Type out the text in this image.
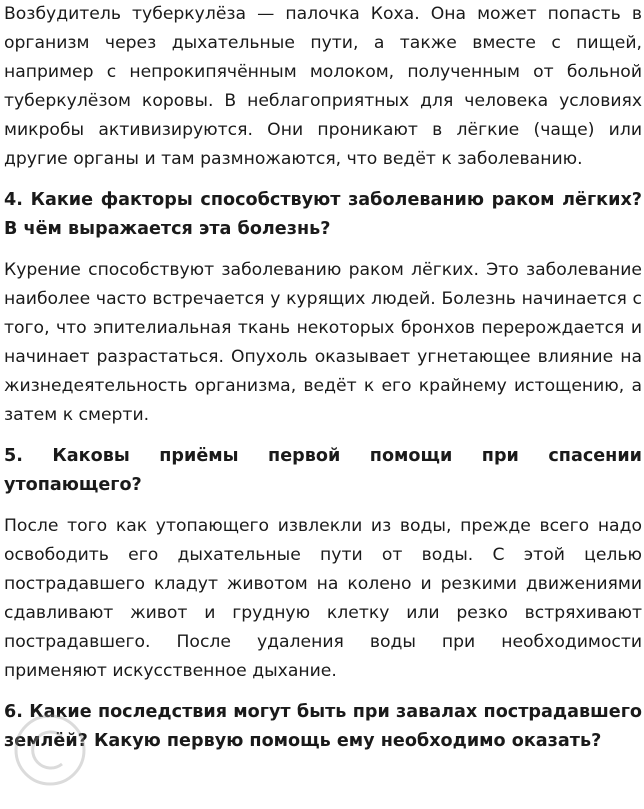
Возбудитель туберкулёза — палочка Коха. Она может попасть в организм через дыхательные пути, а также вместе с пищей, например с непрокипячённым молоком, полученным от больной туберкулёзом коровы. В неблагоприятных для человека условиях микробы активизируются. Они проникают в лёгкие (чаще) или другие органы и там размножаются, что ведёт к заболеванию.

4. Какие факторы способствуют заболеванию раком лёгких? В чём выражается эта болезнь?

Курение способствуют заболеванию раком лёгких. Это заболевание наиболее часто встречается у курящих людей. Болезнь начинается с того, что эпителиальная ткань некоторых бронхов перерождается и начинает разрастаться. Опухоль оказывает угнетающее влияние на жизнедеятельность организма, ведёт к его крайнему истощению, а затем к смерти.

5. Каковы приёмы первой помощи при спасении утопающего?

После того как утопающего извлекли из воды, прежде всего надо освободить его дыхательные пути от воды. С этой целью пострадавшего кладут животом на колено и резкими движениями сдавливают живот и грудную клетку или резко встряхивают пострадавшего. После удаления воды при необходимости применяют искусственное дыхание.

6. Какие последствия могут быть при завалах пострадавшего землёй? Какую первую помощь ему необходимо оказать?
